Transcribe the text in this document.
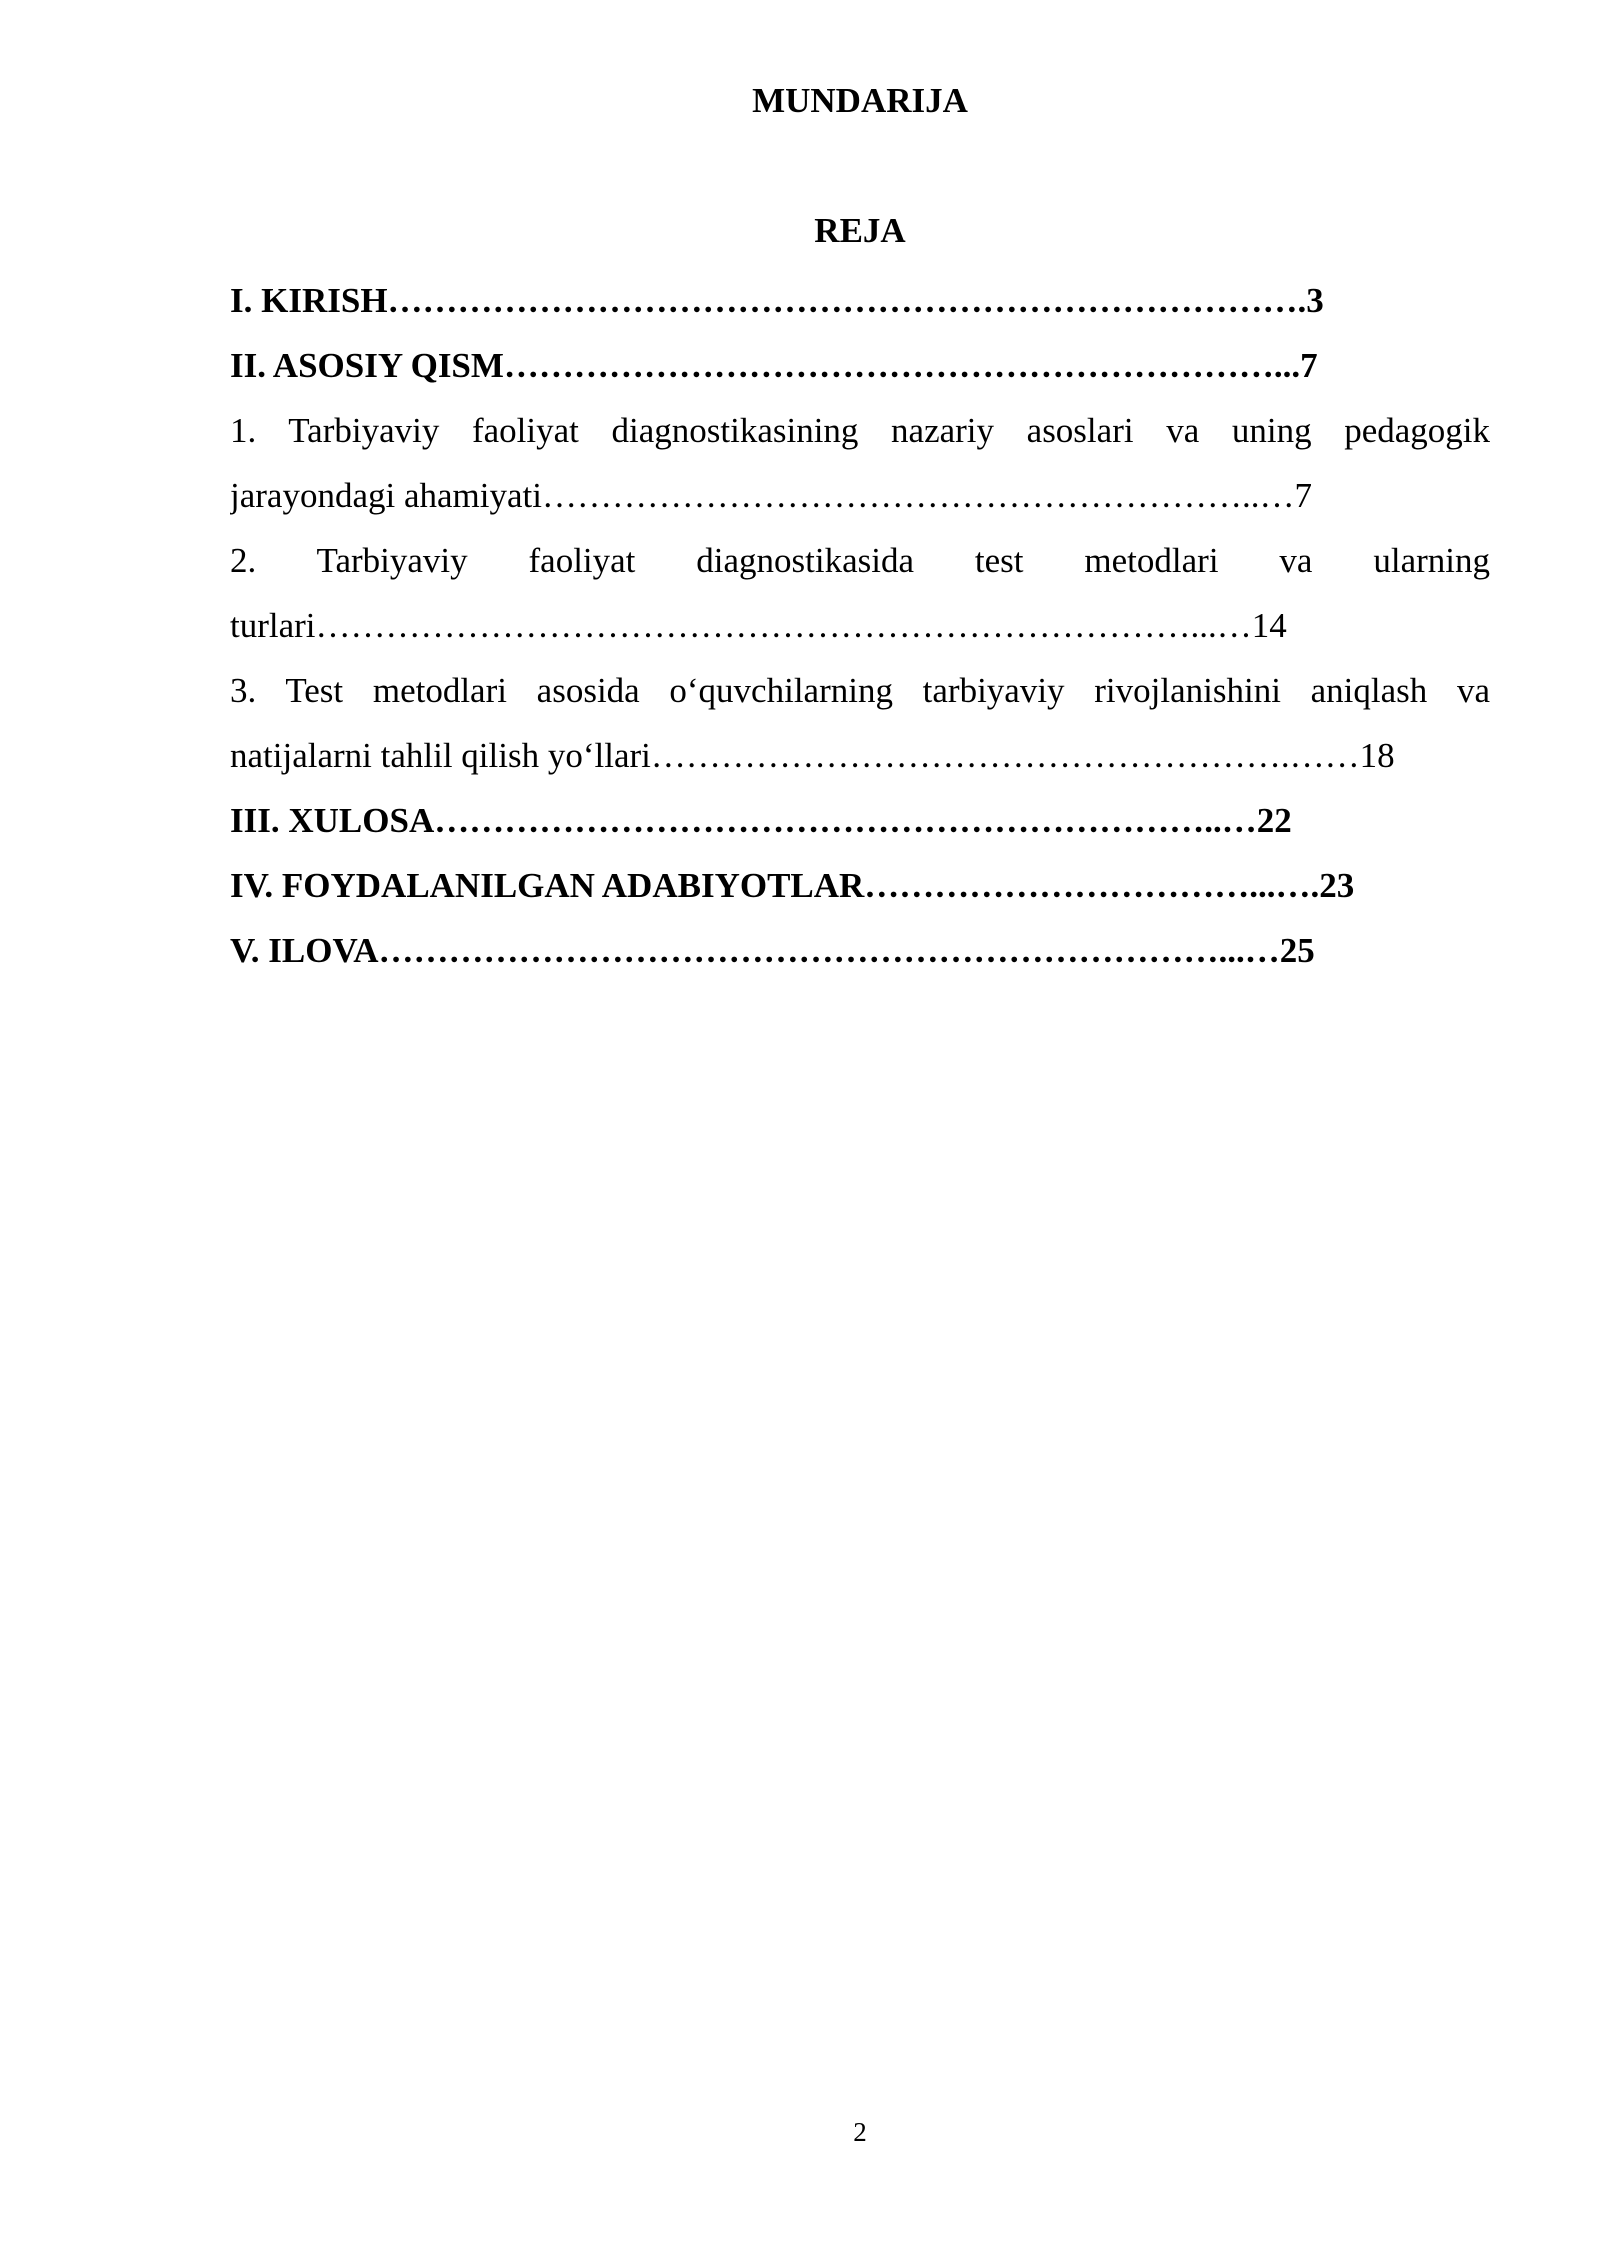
MUNDARIJA
REJA
I. KIRISH…………………………………………………………………….3
II. ASOSIY QISM…………………………………………………………...7
1. Tarbiyaviy faoliyat diagnostikasining nazariy asoslari va uning pedagogik
jarayondagi ahamiyati……………………………………………………..…7
2. Tarbiyaviy faoliyat diagnostikasida test metodlari va ularning
turlari…………………………………………………………………...…14
3. Test metodlari asosida o‘quvchilarning tarbiyaviy rivojlanishini aniqlash va
natijalarni tahlil qilish yo‘llari……………………………………………….……18
III. XULOSA…………………………………………………………..…22
IV. FOYDALANILGAN ADABIYOTLAR……………………………...….23
V. ILOVA………………………………………………………………...…25
2
